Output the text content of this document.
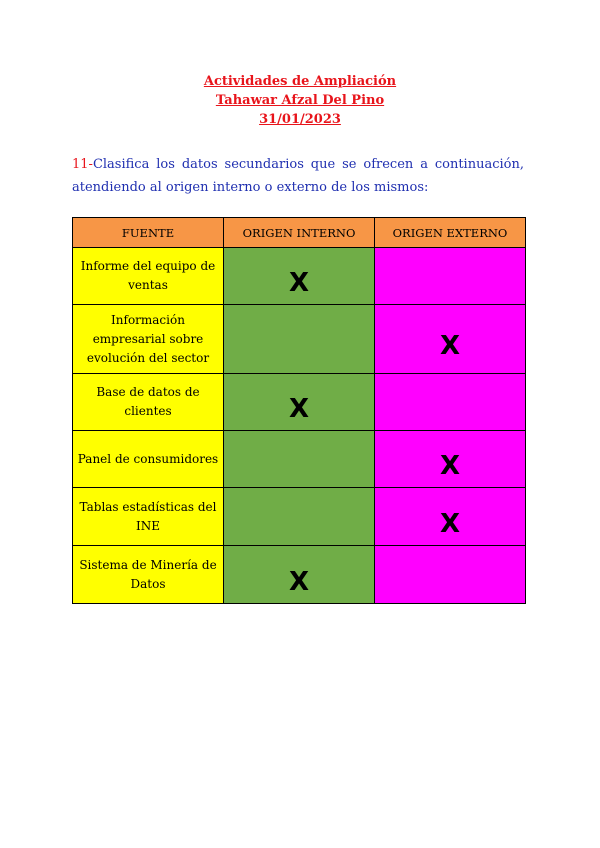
Actividades de Ampliación
Tahawar Afzal Del Pino
31/01/2023
11-Clasifica los datos secundarios que se ofrecen a continuación, atendiendo al origen interno o externo de los mismos:
FUENTE	ORIGEN INTERNO	ORIGEN EXTERNO
Informe del equipo de ventas	X	
Información empresarial sobre evolución del sector		X
Base de datos de clientes	X	
Panel de consumidores		X
Tablas estadísticas del INE		X
Sistema de Minería de Datos	X	
